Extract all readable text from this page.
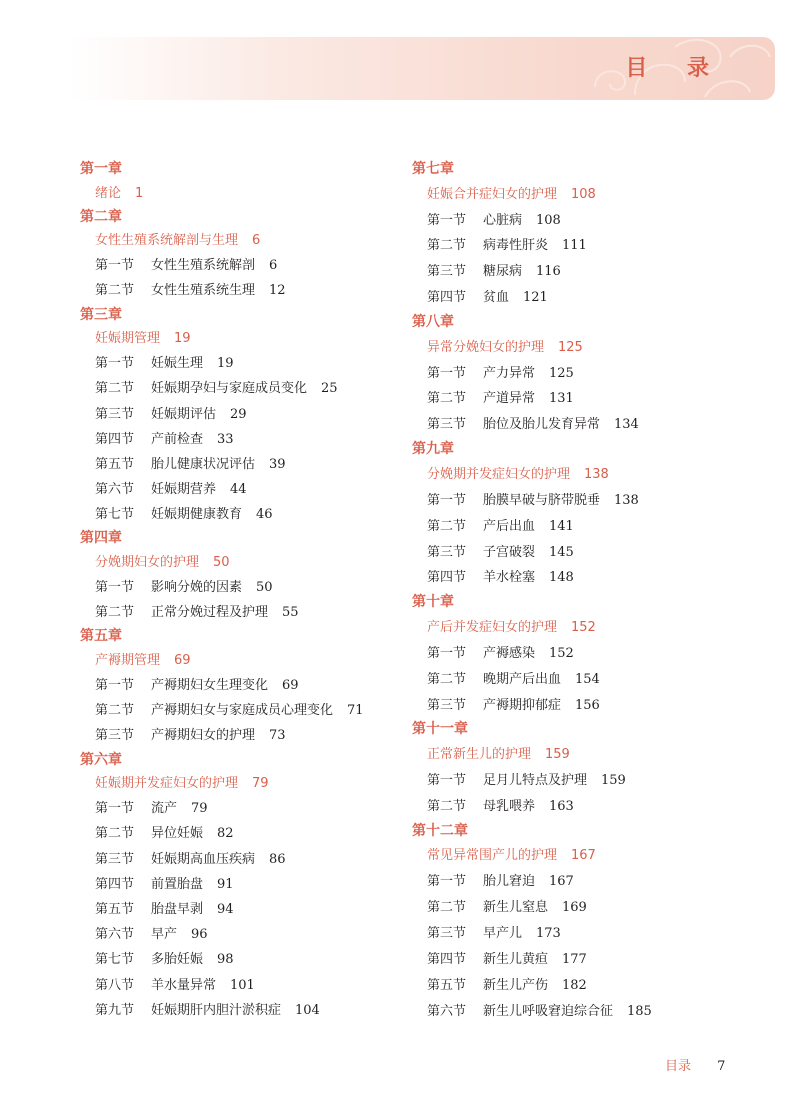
目 录
第一章
绪论 1
第二章
女性生殖系统解剖与生理 6
第一节 女性生殖系统解剖 6
第二节 女性生殖系统生理 12
第三章
妊娠期管理 19
第一节 妊娠生理 19
第二节 妊娠期孕妇与家庭成员变化 25
第三节 妊娠期评估 29
第四节 产前检查 33
第五节 胎儿健康状况评估 39
第六节 妊娠期营养 44
第七节 妊娠期健康教育 46
第四章
分娩期妇女的护理 50
第一节 影响分娩的因素 50
第二节 正常分娩过程及护理 55
第五章
产褥期管理 69
第一节 产褥期妇女生理变化 69
第二节 产褥期妇女与家庭成员心理变化 71
第三节 产褥期妇女的护理 73
第六章
妊娠期并发症妇女的护理 79
第一节 流产 79
第二节 异位妊娠 82
第三节 妊娠期高血压疾病 86
第四节 前置胎盘 91
第五节 胎盘早剥 94
第六节 早产 96
第七节 多胎妊娠 98
第八节 羊水量异常 101
第九节 妊娠期肝内胆汁淤积症 104
第七章
妊娠合并症妇女的护理 108
第一节 心脏病 108
第二节 病毒性肝炎 111
第三节 糖尿病 116
第四节 贫血 121
第八章
异常分娩妇女的护理 125
第一节 产力异常 125
第二节 产道异常 131
第三节 胎位及胎儿发育异常 134
第九章
分娩期并发症妇女的护理 138
第一节 胎膜早破与脐带脱垂 138
第二节 产后出血 141
第三节 子宫破裂 145
第四节 羊水栓塞 148
第十章
产后并发症妇女的护理 152
第一节 产褥感染 152
第二节 晚期产后出血 154
第三节 产褥期抑郁症 156
第十一章
正常新生儿的护理 159
第一节 足月儿特点及护理 159
第二节 母乳喂养 163
第十二章
常见异常围产儿的护理 167
第一节 胎儿窘迫 167
第二节 新生儿窒息 169
第三节 早产儿 173
第四节 新生儿黄疸 177
第五节 新生儿产伤 182
第六节 新生儿呼吸窘迫综合征 185
目录 7
